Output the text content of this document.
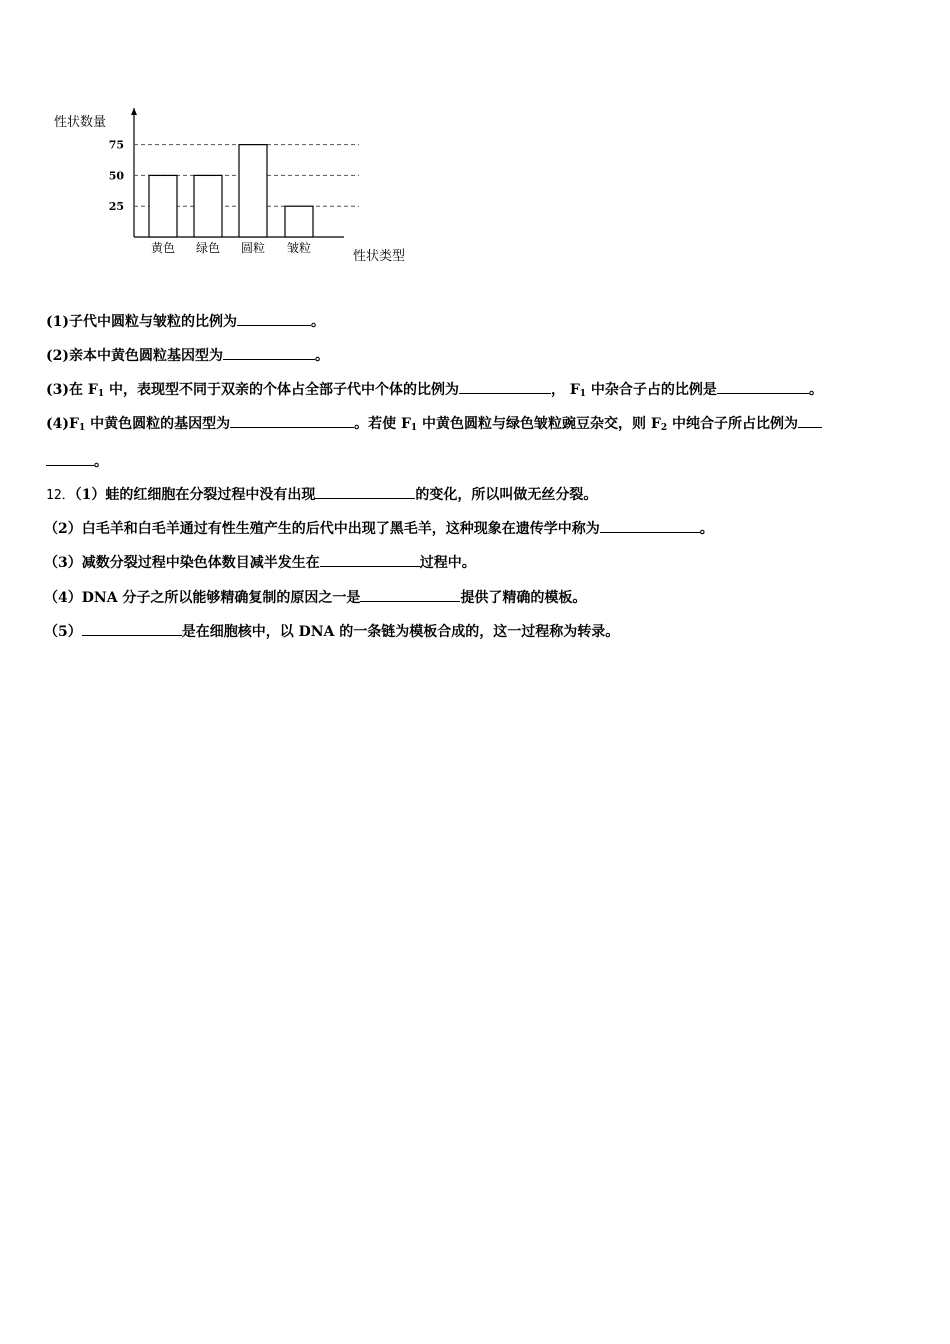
性状数量
性状类型
25
50
75
黄色 绿色 圆粒 皱粒
(1)子代中圆粒与皱粒的比例为	。
(2)亲本中黄色圆粒基因型为	。
(3)在 $F_1$ 中，表现型不同于双亲的个体占全部子代中个体的比例为	， $F_1$ 中杂合子占的比例是	。
$(4)F_1$ 中黄色圆粒的基因型为	。若使 $F_1$ 中黄色圆粒与绿色皱粒豌豆杂交，则 $F_2$ 中纯合子所占比例为
。
12．（1）蛙的红细胞在分裂过程中没有出现	的变化，所以叫做无丝分裂。
（2）白毛羊和白毛羊通过有性生殖产生的后代中出现了黑毛羊，这种现象在遗传学中称为	。
（3）减数分裂过程中染色体数目减半发生在	过程中。
（4）DNA 分子之所以能够精确复制的原因之一是	提供了精确的模板。
（5）	是在细胞核中，以 DNA 的一条链为模板合成的，这一过程称为转录。
